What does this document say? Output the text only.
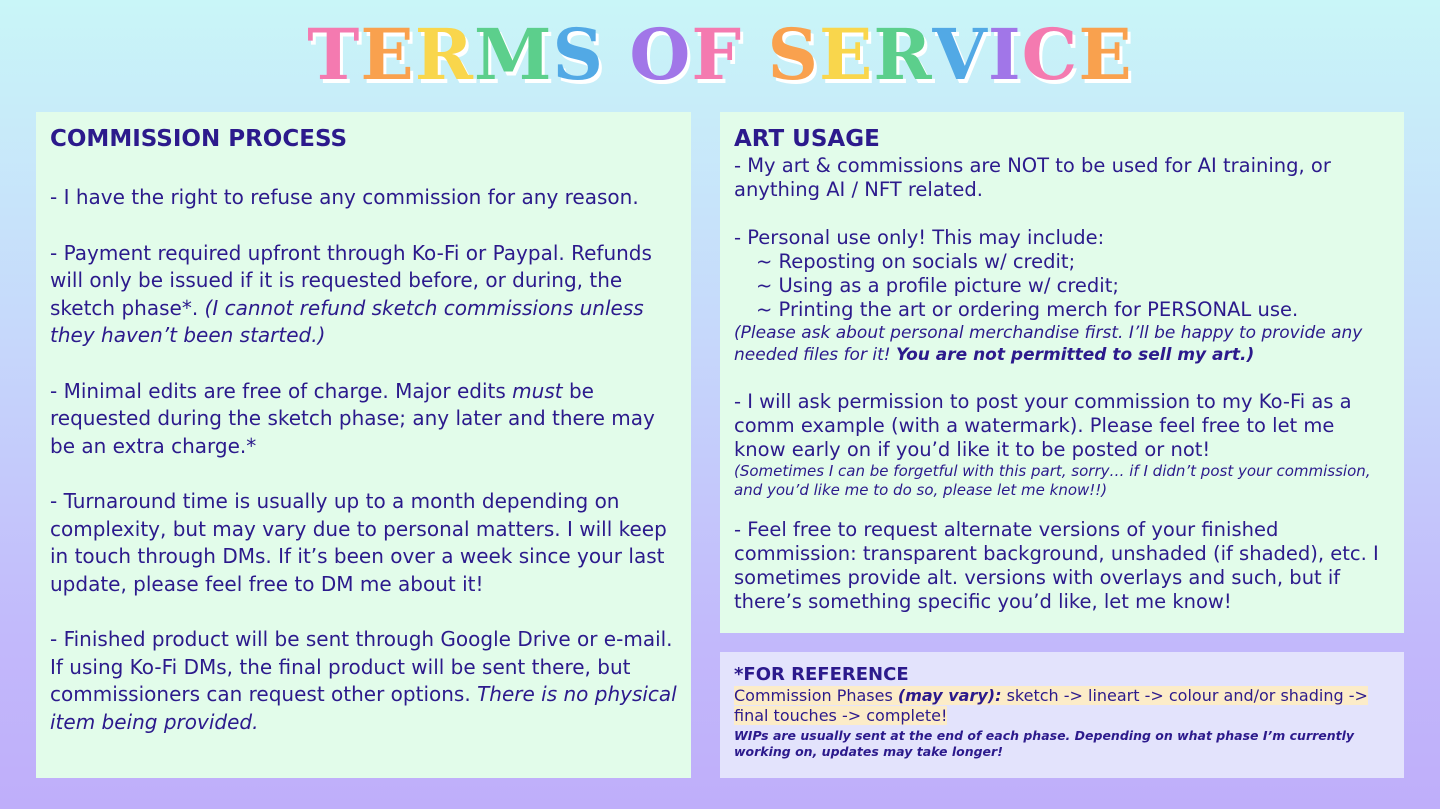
TERMS OF SERVICE
COMMISSION PROCESS
- I have the right to refuse any commission for any reason.
- Payment required upfront through Ko-Fi or Paypal. Refunds will only be issued if it is requested before, or during, the sketch phase*. (I cannot refund sketch commissions unless they haven’t been started.)
- Minimal edits are free of charge. Major edits must be requested during the sketch phase; any later and there may be an extra charge.*
- Turnaround time is usually up to a month depending on complexity, but may vary due to personal matters. I will keep in touch through DMs. If it’s been over a week since your last update, please feel free to DM me about it!
- Finished product will be sent through Google Drive or e-mail. If using Ko-Fi DMs, the final product will be sent there, but commissioners can request other options. There is no physical item being provided.
ART USAGE
- My art & commissions are NOT to be used for AI training, or anything AI / NFT related.
- Personal use only! This may include:
~ Reposting on socials w/ credit;
~ Using as a profile picture w/ credit;
~ Printing the art or ordering merch for PERSONAL use.
(Please ask about personal merchandise first. I’ll be happy to provide any needed files for it! You are not permitted to sell my art.)
- I will ask permission to post your commission to my Ko-Fi as a comm example (with a watermark). Please feel free to let me know early on if you’d like it to be posted or not!
(Sometimes I can be forgetful with this part, sorry… if I didn’t post your commission, and you’d like me to do so, please let me know!!)
- Feel free to request alternate versions of your finished commission: transparent background, unshaded (if shaded), etc. I sometimes provide alt. versions with overlays and such, but if there’s something specific you’d like, let me know!
*FOR REFERENCE
Commission Phases (may vary): sketch -> lineart -> colour and/or shading -> final touches -> complete!
WIPs are usually sent at the end of each phase. Depending on what phase I’m currently working on, updates may take longer!
